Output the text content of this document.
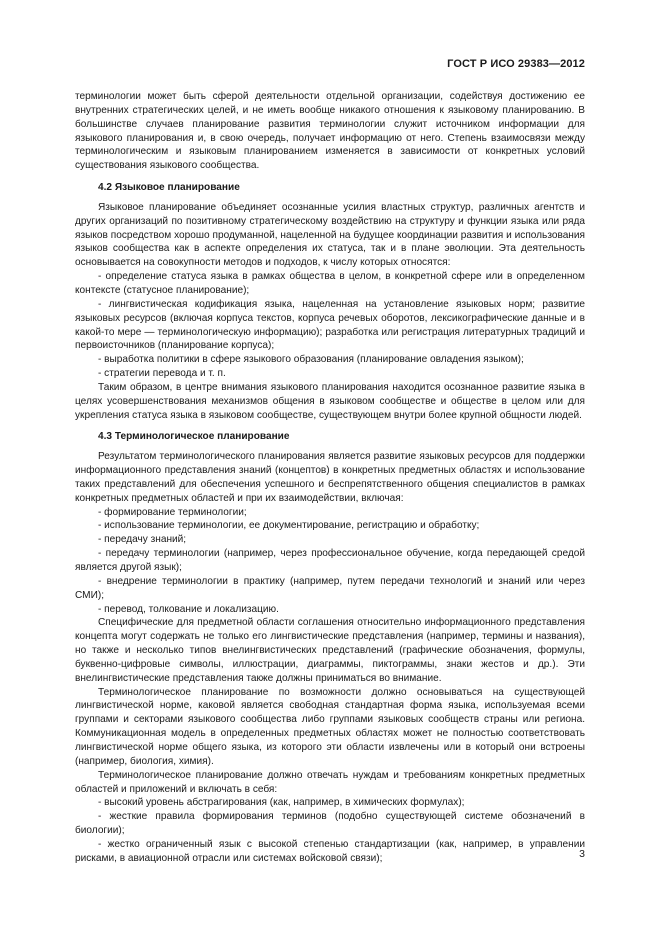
ГОСТ Р ИСО 29383—2012

терминологии может быть сферой деятельности отдельной организации, содействуя достижению ее внутренних стратегических целей, и не иметь вообще никакого отношения к языковому планированию. В большинстве случаев планирование развития терминологии служит источником информации для языкового планирования и, в свою очередь, получает информацию от него. Степень взаимосвязи между терминологическим и языковым планированием изменяется в зависимости от конкретных условий существования языкового сообщества.

4.2 Языковое планирование

Языковое планирование объединяет осознанные усилия властных структур, различных агентств и других организаций по позитивному стратегическому воздействию на структуру и функции языка или ряда языков посредством хорошо продуманной, нацеленной на будущее координации развития и использования языков сообщества как в аспекте определения их статуса, так и в плане эволюции. Эта деятельность основывается на совокупности методов и подходов, к числу которых относятся:

- определение статуса языка в рамках общества в целом, в конкретной сфере или в определенном контексте (статусное планирование);

- лингвистическая кодификация языка, нацеленная на установление языковых норм; развитие языковых ресурсов (включая корпуса текстов, корпуса речевых оборотов, лексикографические данные и в какой-то мере — терминологическую информацию); разработка или регистрация литературных традиций и первоисточников (планирование корпуса);

- выработка политики в сфере языкового образования (планирование овладения языком);

- стратегии перевода и т. п.

Таким образом, в центре внимания языкового планирования находится осознанное развитие языка в целях усовершенствования механизмов общения в языковом сообществе и обществе в целом или для укрепления статуса языка в языковом сообществе, существующем внутри более крупной общности людей.

4.3 Терминологическое планирование

Результатом терминологического планирования является развитие языковых ресурсов для поддержки информационного представления знаний (концептов) в конкретных предметных областях и использование таких представлений для обеспечения успешного и беспрепятственного общения специалистов в рамках конкретных предметных областей и при их взаимодействии, включая:

- формирование терминологии;

- использование терминологии, ее документирование, регистрацию и обработку;

- передачу знаний;

- передачу терминологии (например, через профессиональное обучение, когда передающей средой является другой язык);

- внедрение терминологии в практику (например, путем передачи технологий и знаний или через СМИ);

- перевод, толкование и локализацию.

Специфические для предметной области соглашения относительно информационного представления концепта могут содержать не только его лингвистические представления (например, термины и названия), но также и несколько типов внелингвистических представлений (графические обозначения, формулы, буквенно-цифровые символы, иллюстрации, диаграммы, пиктограммы, знаки жестов и др.). Эти внелингвистические представления также должны приниматься во внимание.

Терминологическое планирование по возможности должно основываться на существующей лингвистической норме, каковой является свободная стандартная форма языка, используемая всеми группами и секторами языкового сообщества либо группами языковых сообществ страны или региона. Коммуникационная модель в определенных предметных областях может не полностью соответствовать лингвистической норме общего языка, из которого эти области извлечены или в который они встроены (например, биология, химия).

Терминологическое планирование должно отвечать нуждам и требованиям конкретных предметных областей и приложений и включать в себя:

- высокий уровень абстрагирования (как, например, в химических формулах);

- жесткие правила формирования терминов (подобно существующей системе обозначений в биологии);

- жестко ограниченный язык с высокой степенью стандартизации (как, например, в управлении рисками, в авиационной отрасли или системах войсковой связи);	3
